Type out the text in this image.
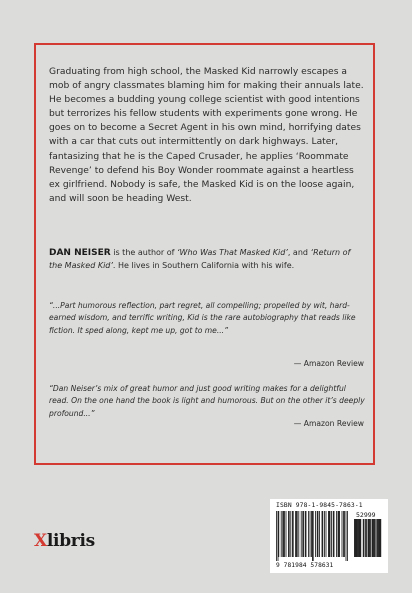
Graduating from high school, the Masked Kid narrowly escapes a mob of angry classmates blaming him for making their annuals late. He becomes a budding young college scientist with good intentions but terrorizes his fellow students with experiments gone wrong. He goes on to become a Secret Agent in his own mind, horrifying dates with a car that cuts out intermittently on dark highways. Later, fantasizing that he is the Caped Crusader, he applies ‘Roommate Revenge’ to defend his Boy Wonder roommate against a heartless ex girlfriend. Nobody is safe, the Masked Kid is on the loose again, and will soon be heading West.

DAN NEISER is the author of ‘Who Was That Masked Kid’, and ‘Return of the Masked Kid’. He lives in Southern California with his wife.
“...Part humorous reflection, part regret, all compelling; propelled by wit, hard-earned wisdom, and terrific writing, Kid is the rare autobiography that reads like fiction. It sped along, kept me up, got to me...”
— Amazon Review
“Dan Neiser’s mix of great humor and just good writing makes for a delightful read. On the one hand the book is light and humorous. But on the other it’s deeply profound...”
— Amazon Review
Xlibris
ISBN 978-1-9845-7863-1
52999
9 781984 578631
